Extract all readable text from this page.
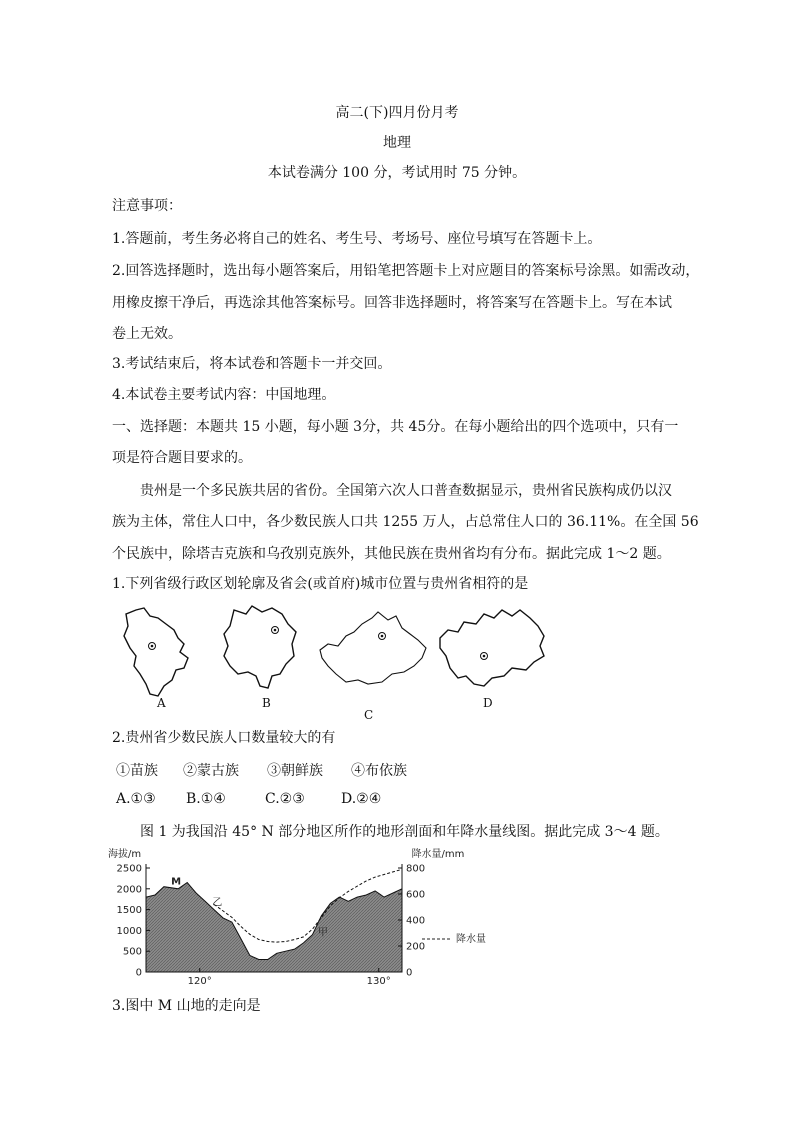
高二(下)四月份月考
地理
本试卷满分 100 分，考试用时 75 分钟。
注意事项：
1.答题前，考生务必将自己的姓名、考生号、考场号、座位号填写在答题卡上。
2.回答选择题时，选出每小题答案后，用铅笔把答题卡上对应题目的答案标号涂黑。如需改动，
用橡皮擦干净后，再选涂其他答案标号。回答非选择题时，将答案写在答题卡上。写在本试
卷上无效。
3.考试结束后，将本试卷和答题卡一并交回。
4.本试卷主要考试内容：中国地理。
一、选择题：本题共 15 小题，每小题 3分，共 45分。在每小题给出的四个选项中，只有一
项是符合题目要求的。
贵州是一个多民族共居的省份。全国第六次人口普查数据显示，贵州省民族构成仍以汉
族为主体，常住人口中，各少数民族人口共 1255 万人，占总常住人口的 36.11%。在全国 56
个民族中，除塔吉克族和乌孜别克族外，其他民族在贵州省均有分布。据此完成 1～2 题。
1.下列省级行政区划轮廓及省会(或首府)城市位置与贵州省相符的是
A	B
C
D
2.贵州省少数民族人口数量较大的有
①苗族 ②蒙古族 ③朝鲜族 ④布依族
A.①③ B.①④	C.②③	D.②④
图 1 为我国沿 45° N 部分地区所作的地形剖面和年降水量线图。据此完成 3～4 题。
海拔/m	降水量/mm
2500
2000
1500
1000
500
0
800
600
400
200
0
120°	130°
M
乙
甲
降水量
3.图中 M 山地的走向是
